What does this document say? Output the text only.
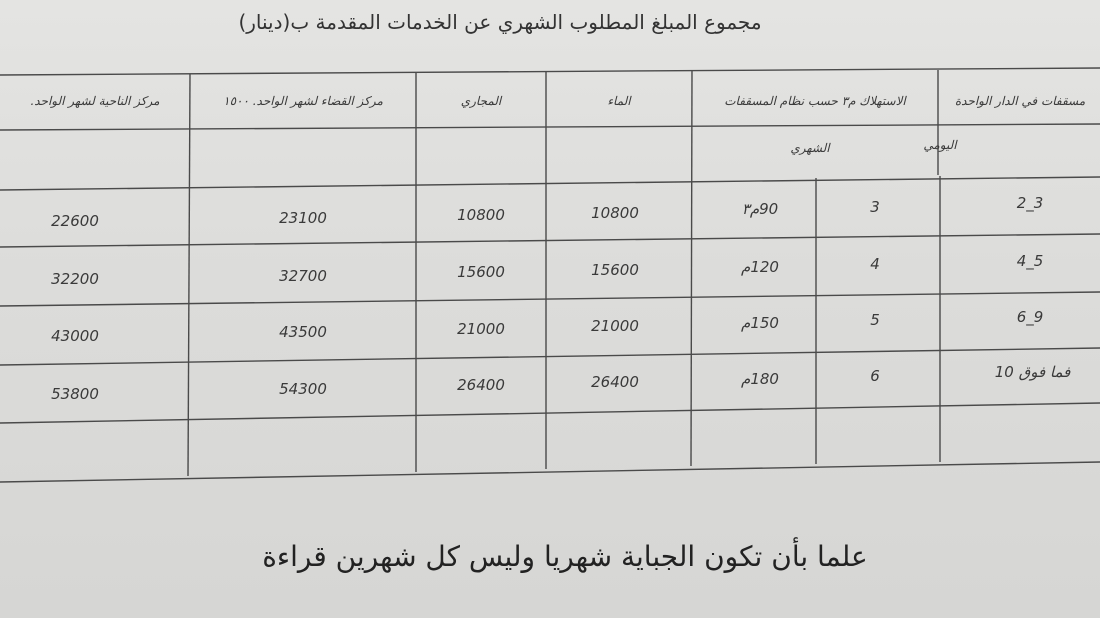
مجموع المبلغ المطلوب الشهري عن الخدمات المقدمة ب(دينار)
مسقفات في الدار الواحدة
الاستهلاك م٣ حسب نظام المسقفات
الماء
المجاري
مركز القضاء لشهر الواحد. ١٥٠٠
مركز الناحية لشهر الواحد.
اليومي
الشهري
3_2
3
90م٣
10800
10800
23100
22600
5_4
4
120م
15600
15600
32700
32200
9_6
5
150م
21000
21000
43500
43000
فما فوق 10
6
180م
26400
26400
54300
53800
علما بأن تكون الجباية شهريا وليس كل شهرين قراءة
